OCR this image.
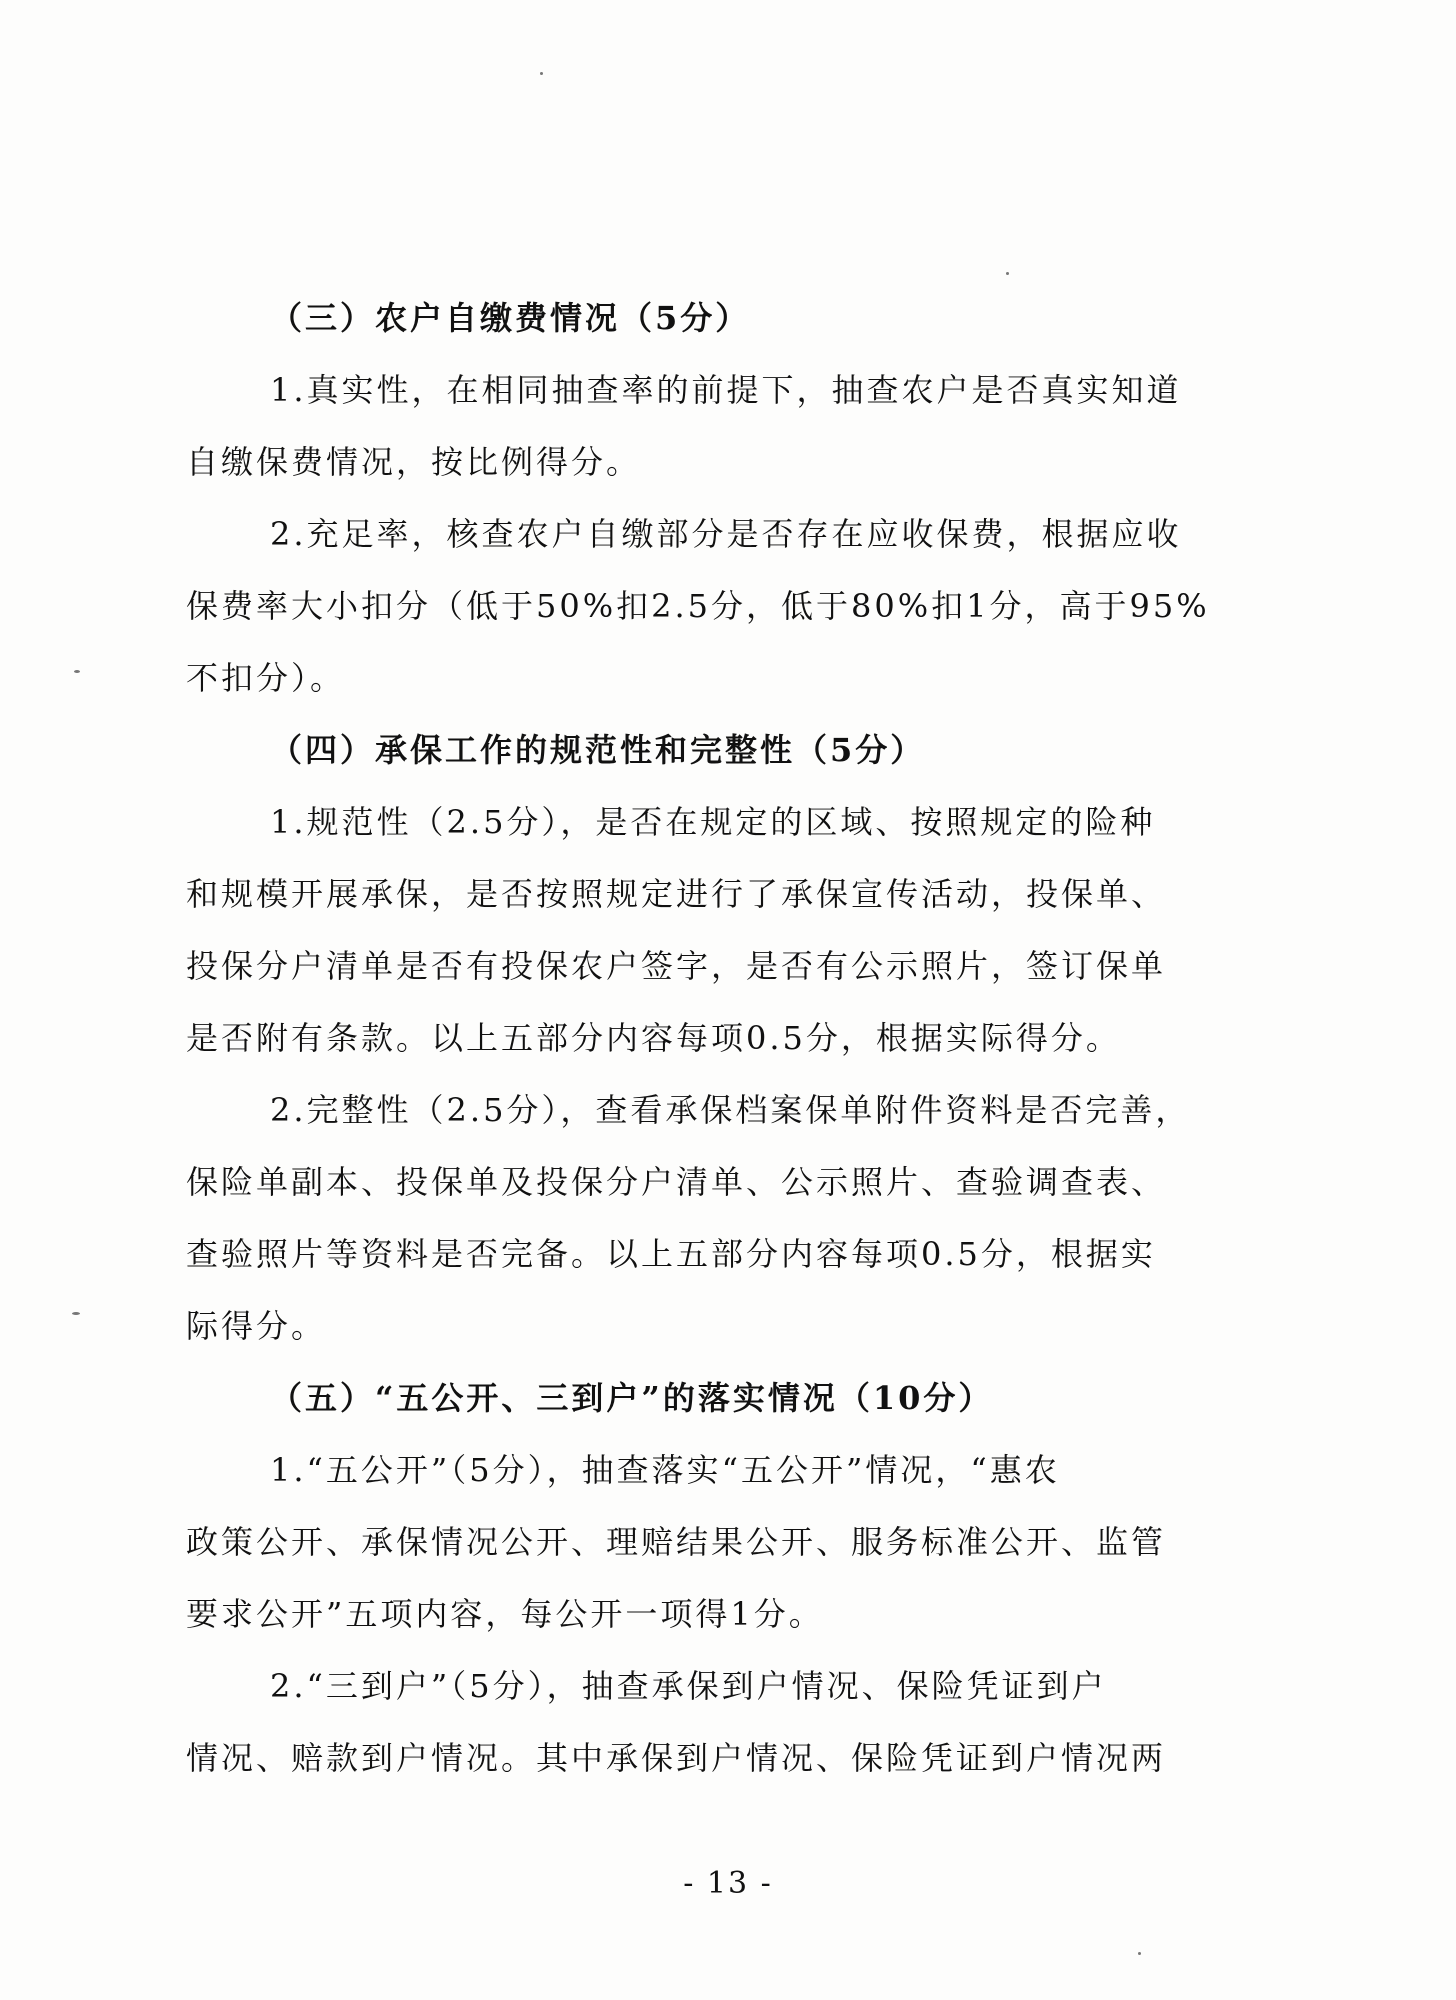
（三）农户自缴费情况（5分）
1.真实性，在相同抽查率的前提下，抽查农户是否真实知道
自缴保费情况，按比例得分。
2.充足率，核查农户自缴部分是否存在应收保费，根据应收
保费率大小扣分（低于50%扣2.5分，低于80%扣1分，高于95%
不扣分）。
（四）承保工作的规范性和完整性（5分）
1.规范性（2.5分），是否在规定的区域、按照规定的险种
和规模开展承保，是否按照规定进行了承保宣传活动，投保单、
投保分户清单是否有投保农户签字，是否有公示照片，签订保单
是否附有条款。以上五部分内容每项0.5分，根据实际得分。
2.完整性（2.5分），查看承保档案保单附件资料是否完善，
保险单副本、投保单及投保分户清单、公示照片、查验调查表、
查验照片等资料是否完备。以上五部分内容每项0.5分，根据实
际得分。
（五）“五公开、三到户”的落实情况（10分）
1.“五公开”（5分），抽查落实“五公开”情况，“惠农
政策公开、承保情况公开、理赔结果公开、服务标准公开、监管
要求公开”五项内容，每公开一项得1分。
2.“三到户”（5分），抽查承保到户情况、保险凭证到户
情况、赔款到户情况。其中承保到户情况、保险凭证到户情况两
- 13 -
